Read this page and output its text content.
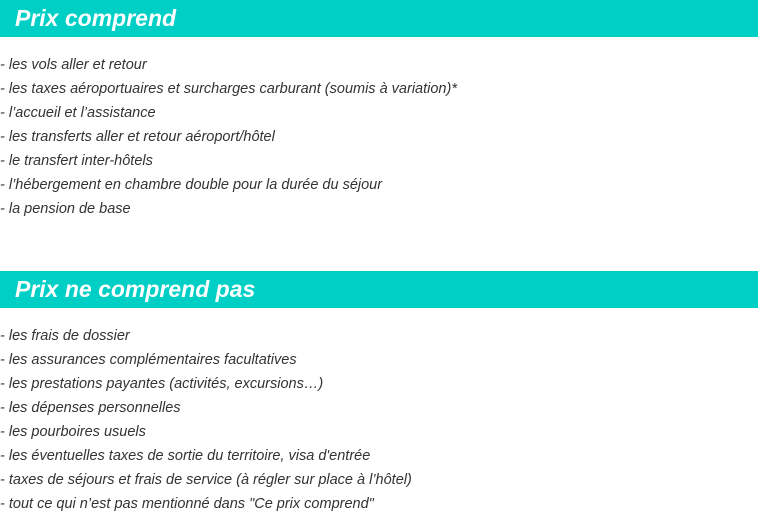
Prix comprend
- les vols aller et retour
- les taxes aéroportuaires et surcharges carburant (soumis à variation)*
- l’accueil et l’assistance
- les transferts aller et retour aéroport/hôtel
- le transfert inter-hôtels
- l’hébergement en chambre double pour la durée du séjour
- la pension de base
Prix ne comprend pas
- les frais de dossier
- les assurances complémentaires facultatives
- les prestations payantes (activités, excursions…)
- les dépenses personnelles
- les pourboires usuels
- les éventuelles taxes de sortie du territoire, visa d'entrée
- taxes de séjours et frais de service (à régler sur place à l’hôtel)
- tout ce qui n’est pas mentionné dans "Ce prix comprend"
